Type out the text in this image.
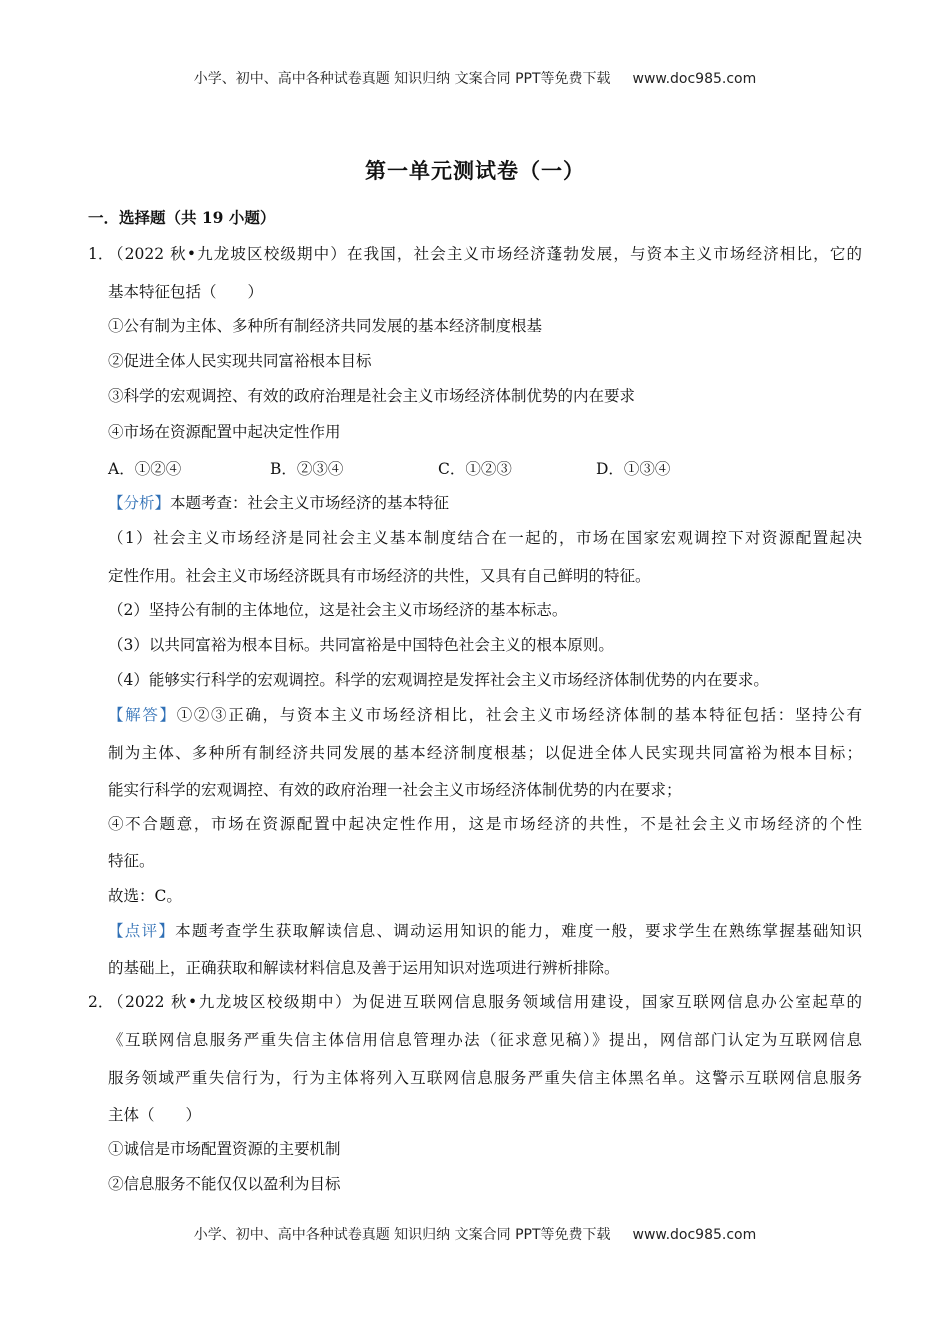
小学、初中、高中各种试卷真题 知识归纳 文案合同 PPT等免费下载 www.doc985.com
第一单元测试卷（一）
一．选择题（共 19 小题）
1．
（2022 秋•九龙坡区校级期中）在我国，社会主义市场经济蓬勃发展，与资本主义市场经济相比，它的
基本特征包括（　　）
①公有制为主体、多种所有制经济共同发展的基本经济制度根基
②促进全体人民实现共同富裕根本目标
③科学的宏观调控、有效的政府治理是社会主义市场经济体制优势的内在要求
④市场在资源配置中起决定性作用
A．①②④	B．②③④	C．①②③	D．①③④
【分析】本题考查：社会主义市场经济的基本特征
（1）社会主义市场经济是同社会主义基本制度结合在一起的，市场在国家宏观调控下对资源配置起决
定性作用。社会主义市场经济既具有市场经济的共性，又具有自己鲜明的特征。
（2）坚持公有制的主体地位，这是社会主义市场经济的基本标志。
（3）以共同富裕为根本目标。共同富裕是中国特色社会主义的根本原则。
（4）能够实行科学的宏观调控。科学的宏观调控是发挥社会主义市场经济体制优势的内在要求。
【解答】①②③正确，与资本主义市场经济相比，社会主义市场经济体制的基本特征包括：坚持公有
制为主体、多种所有制经济共同发展的基本经济制度根基；以促进全体人民实现共同富裕为根本目标；
能实行科学的宏观调控、有效的政府治理一社会主义市场经济体制优势的内在要求；
④不合题意，市场在资源配置中起决定性作用，这是市场经济的共性，不是社会主义市场经济的个性
特征。
故选：C。
【点评】本题考查学生获取解读信息、调动运用知识的能力，难度一般，要求学生在熟练掌握基础知识
的基础上，正确获取和解读材料信息及善于运用知识对选项进行辨析排除。
2．
（2022 秋•九龙坡区校级期中）为促进互联网信息服务领域信用建设，国家互联网信息办公室起草的
《互联网信息服务严重失信主体信用信息管理办法（征求意见稿）》提出，网信部门认定为互联网信息
服务领域严重失信行为，行为主体将列入互联网信息服务严重失信主体黑名单。这警示互联网信息服务
主体（　　）
①诚信是市场配置资源的主要机制
②信息服务不能仅仅以盈利为目标
小学、初中、高中各种试卷真题 知识归纳 文案合同 PPT等免费下载 www.doc985.com
